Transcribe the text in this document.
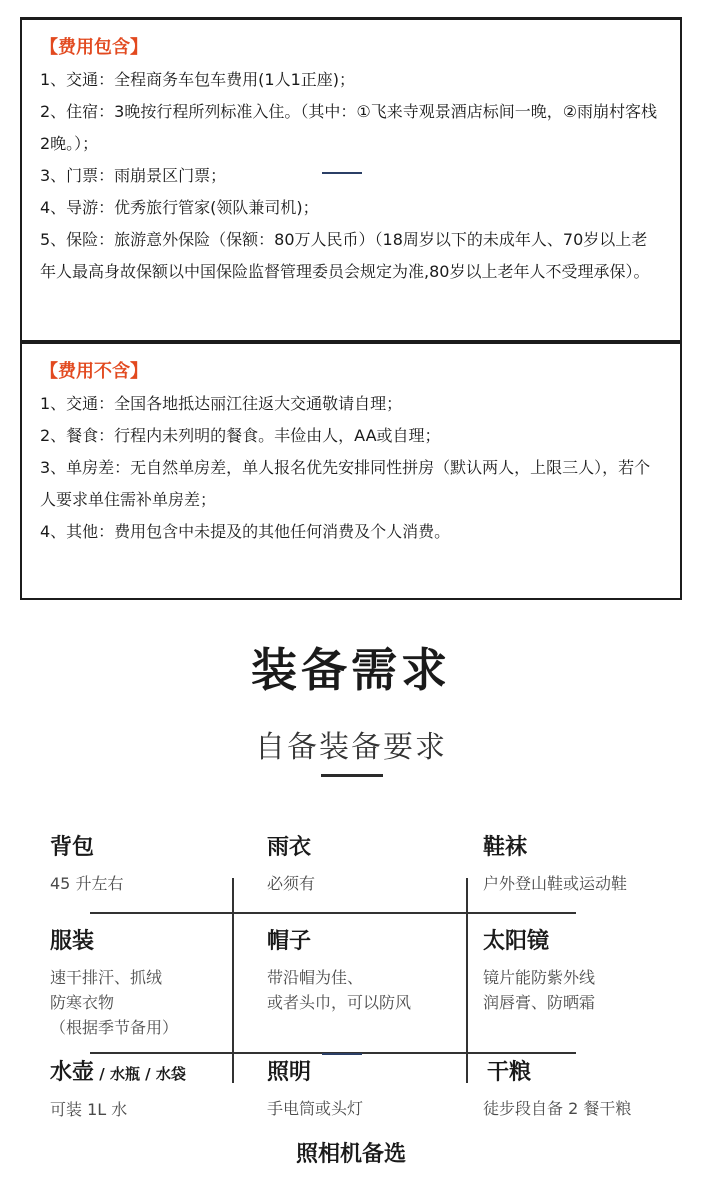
【费用包含】
1、交通：全程商务车包车费用(1人1正座)；
2、住宿：3晚按行程所列标准入住。（其中：①飞来寺观景酒店标间一晚，②雨崩村客栈2晚。）；
3、门票：雨崩景区门票；
4、导游：优秀旅行管家(领队兼司机)；
5、保险：旅游意外保险（保额：80万人民币）（18周岁以下的未成年人、70岁以上老年人最高身故保额以中国保险监督管理委员会规定为准,80岁以上老年人不受理承保）。
【费用不含】
1、交通：全国各地抵达丽江往返大交通敬请自理；
2、餐食：行程内未列明的餐食。丰俭由人，AA或自理；
3、单房差：无自然单房差，单人报名优先安排同性拼房（默认两人，上限三人），若个人要求单住需补单房差；
4、其他：费用包含中未提及的其他任何消费及个人消费。
装备需求
自备装备要求
背包
45 升左右
雨衣
必须有
鞋袜
户外登山鞋或运动鞋
服装
速干排汗、抓绒
防寒衣物
（根据季节备用）
帽子
带沿帽为佳、
或者头巾，可以防风
太阳镜
镜片能防紫外线
润唇膏、防晒霜
水壶 / 水瓶 / 水袋
可装 1L 水
照明
手电筒或头灯
干粮
徒步段自备 2 餐干粮
照相机备选
